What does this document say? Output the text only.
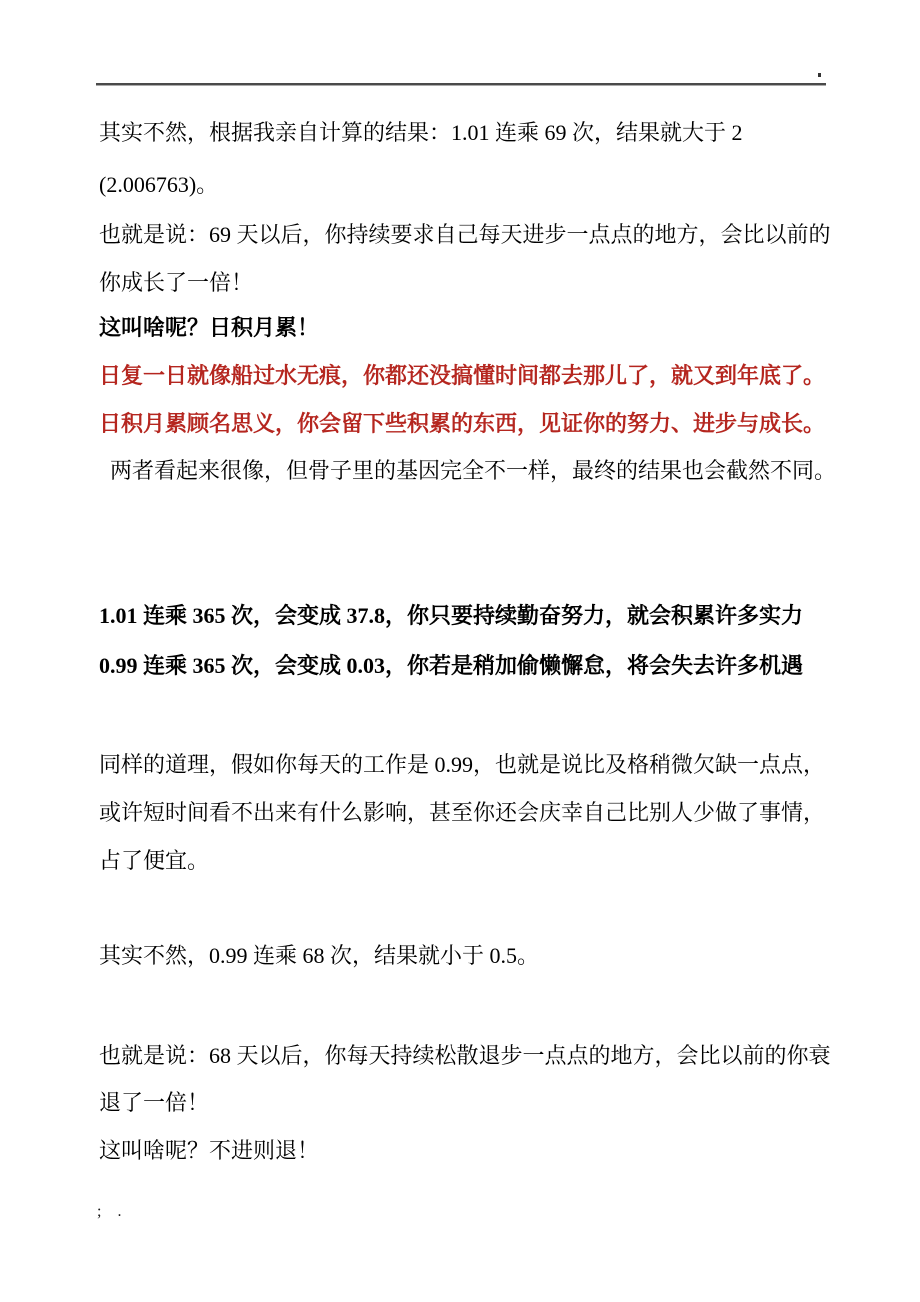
其实不然，根据我亲自计算的结果：1.01 连乘 69 次，结果就大于 2
(2.006763)。
也就是说：69 天以后，你持续要求自己每天进步一点点的地方，会比以前的
你成长了一倍！
这叫啥呢？日积月累！
日复一日就像船过水无痕，你都还没搞懂时间都去那儿了，就又到年底了。
日积月累顾名思义，你会留下些积累的东西，见证你的努力、进步与成长。
两者看起来很像，但骨子里的基因完全不一样，最终的结果也会截然不同。
1.01 连乘 365 次，会变成 37.8，你只要持续勤奋努力，就会积累许多实力
0.99 连乘 365 次，会变成 0.03，你若是稍加偷懒懈怠，将会失去许多机遇
同样的道理，假如你每天的工作是 0.99，也就是说比及格稍微欠缺一点点，
或许短时间看不出来有什么影响，甚至你还会庆幸自己比别人少做了事情，
占了便宜。
其实不然，0.99 连乘 68 次，结果就小于 0.5。
也就是说：68 天以后，你每天持续松散退步一点点的地方，会比以前的你衰
退了一倍！
这叫啥呢？不进则退！
; .
